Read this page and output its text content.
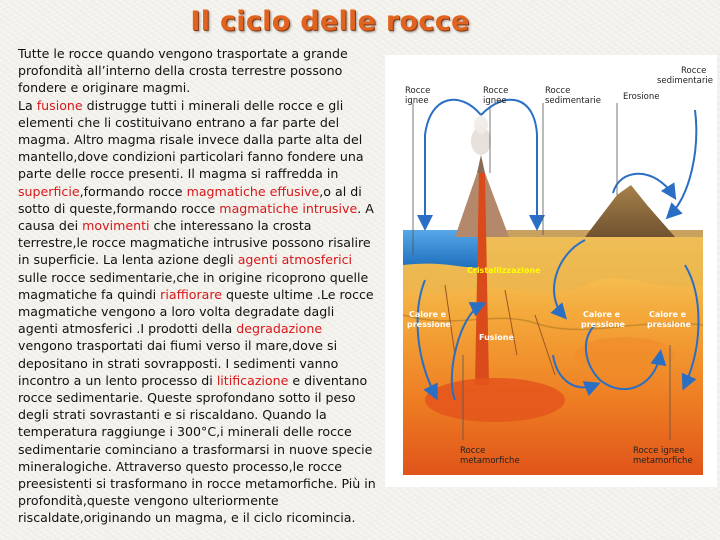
Il ciclo delle rocce
Tutte le rocce quando vengono trasportate a grande profondità all’interno della crosta terrestre possono fondere e originare magmi.
La fusione distrugge tutti i minerali delle rocce e gli elementi che li costituivano entrano a far parte del magma. Altro magma risale invece dalla parte alta del mantello,dove condizioni particolari fanno fondere una parte delle rocce presenti. Il magma si raffredda in superficie,formando rocce magmatiche effusive,o al di sotto di queste,formando rocce magmatiche intrusive. A causa dei movimenti che interessano la crosta terrestre,le rocce magmatiche intrusive possono risalire in superficie. La lenta azione degli agenti atmosferici sulle rocce sedimentarie,che in origine ricoprono quelle magmatiche fa quindi riaffiorare queste ultime .Le rocce magmatiche vengono a loro volta degradate dagli agenti atmosferici .I prodotti della degradazione vengono trasportati dai fiumi verso il mare,dove si depositano in strati sovrapposti. I sedimenti vanno incontro a un lento processo di litificazione e diventano rocce sedimentarie. Queste sprofondano sotto il peso degli strati sovrastanti e si riscaldano. Quando la temperatura raggiunge i 300°C,i minerali delle rocce sedimentarie cominciano a trasformarsi in nuove specie mineralogiche. Attraverso questo processo,le rocce preesistenti si trasformano in rocce metamorfiche. Più in profondità,queste vengono ulteriormente riscaldate,originando un magma, e il ciclo ricomincia.
Rocce ignee
Rocce ignee
Rocce sedimentarie	Erosione
Rocce sedimentarie
Cristallizzazione
Calore e pressione
Fusione
Calore e pressione
Calore e pressione
Rocce metamorfiche
Rocce ignee metamorfiche
